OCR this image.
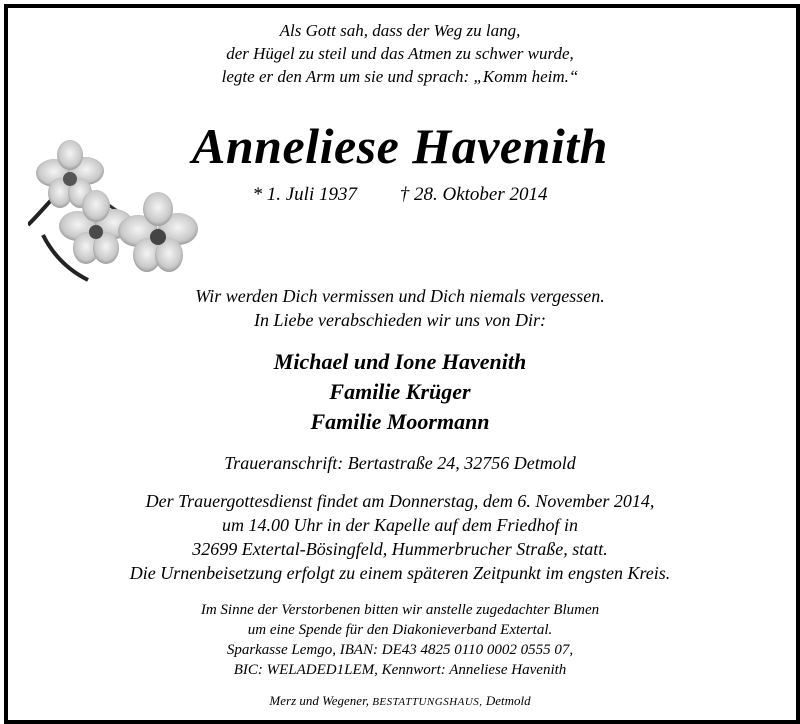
Als Gott sah, dass der Weg zu lang,
der Hügel zu steil und das Atmen zu schwer wurde,
legte er den Arm um sie und sprach: „Komm heim.“
Anneliese Havenith
* 1. Juli 1937 † 28. Oktober 2014
Wir werden Dich vermissen und Dich niemals vergessen.
In Liebe verabschieden wir uns von Dir:
Michael und Ione Havenith
Familie Krüger
Familie Moormann
Traueranschrift: Bertastraße 24, 32756 Detmold
Der Trauergottesdienst findet am Donnerstag, dem 6. November 2014,
um 14.00 Uhr in der Kapelle auf dem Friedhof in
32699 Extertal-Bösingfeld, Hummerbrucher Straße, statt.
Die Urnenbeisetzung erfolgt zu einem späteren Zeitpunkt im engsten Kreis.
Im Sinne der Verstorbenen bitten wir anstelle zugedachter Blumen
um eine Spende für den Diakonieverband Extertal.
Sparkasse Lemgo, IBAN: DE43 4825 0110 0002 0555 07,
BIC: WELADED1LEM, Kennwort: Anneliese Havenith
Merz und Wegener, BESTATTUNGSHAUS, Detmold
